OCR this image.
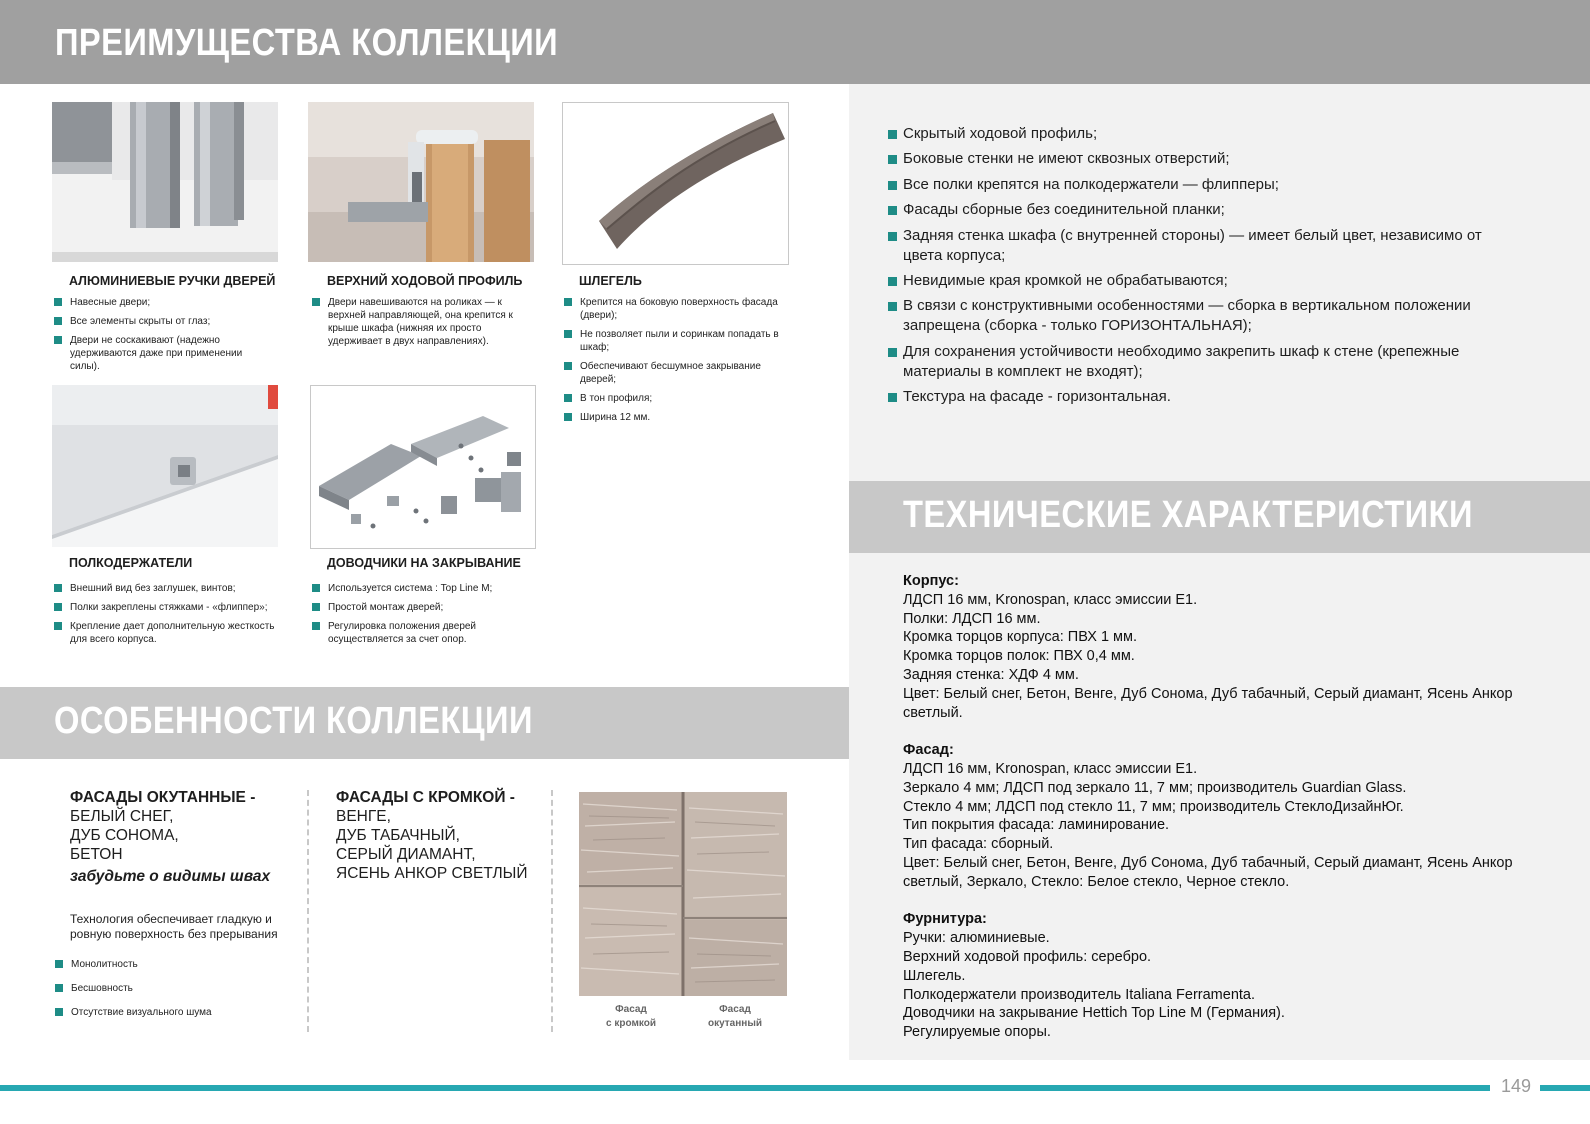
ПРЕИМУЩЕСТВА КОЛЛЕКЦИИ
АЛЮМИНИЕВЫЕ РУЧКИ ДВЕРЕЙ
Навесные двери;
Все элементы скрыты от глаз;
Двери не соскакивают (надежно удерживаются даже при применении силы).
ВЕРХНИЙ ХОДОВОЙ ПРОФИЛЬ
Двери навешиваются на роликах — к верхней направляющей, она крепится к крыше шкафа (нижняя их просто удерживает в двух направлениях).
ШЛЕГЕЛЬ
Крепится на боковую поверхность фасада (двери);
Не позволяет пыли и соринкам попадать в шкаф;
Обеспечивают бесшумное закрывание дверей;
В тон профиля;
Ширина 12 мм.
ПОЛКОДЕРЖАТЕЛИ
Внешний вид без заглушек, винтов;
Полки закреплены стяжками - «флиппер»;
Крепление дает дополнительную жесткость для всего корпуса.
ДОВОДЧИКИ НА ЗАКРЫВАНИЕ
Используется система : Top Line M;
Простой монтаж дверей;
Регулировка положения дверей осуществляется за счет опор.
ОСОБЕННОСТИ КОЛЛЕКЦИИ
ФАСАДЫ ОКУТАННЫЕ -
БЕЛЫЙ СНЕГ,
ДУБ СОНОМА,
БЕТОН
забудьте о видимы швах
Технология обеспечивает гладкую и ровную поверхность без прерывания
Монолитность
Бесшовность
Отсутствие визуального шума
ФАСАДЫ С КРОМКОЙ -
ВЕНГЕ,
ДУБ ТАБАЧНЫЙ,
СЕРЫЙ ДИАМАНТ,
ЯСЕНЬ АНКОР СВЕТЛЫЙ
Фасад
с кромкой
Фасад
окутанный
Скрытый ходовой профиль;
Боковые стенки не имеют сквозных отверстий;
Все полки крепятся на полкодержатели — флипперы;
Фасады сборные без соединительной планки;
Задняя стенка шкафа (с внутренней стороны) — имеет белый цвет, независимо от цвета корпуса;
Невидимые края кромкой не обрабатываются;
В связи с конструктивными особенностями — сборка в вертикальном положении запрещена (сборка - только ГОРИЗОНТАЛЬНАЯ);
Для сохранения устойчивости необходимо закрепить шкаф к стене (крепежные материалы в комплект не входят);
Текстура на фасаде - горизонтальная.
ТЕХНИЧЕСКИЕ ХАРАКТЕРИСТИКИ
Корпус:
ЛДСП 16 мм, Kronospan, класс эмиссии Е1.
Полки: ЛДСП 16 мм.
Кромка торцов корпуса: ПВХ 1 мм.
Кромка торцов полок: ПВХ 0,4 мм.
Задняя стенка: ХДФ 4 мм.
Цвет: Белый снег, Бетон, Венге, Дуб Сонома, Дуб табачный, Серый диамант, Ясень Анкор светлый.
Фасад:
ЛДСП 16 мм, Kronospan, класс эмиссии Е1.
Зеркало 4 мм; ЛДСП под зеркало 11, 7 мм; производитель Guardian Glass.
Стекло 4 мм; ЛДСП под стекло 11, 7 мм; производитель СтеклоДизайнЮг.
Тип покрытия фасада: ламинирование.
Тип фасада: сборный.
Цвет: Белый снег, Бетон, Венге, Дуб Сонома, Дуб табачный, Серый диамант, Ясень Анкор светлый, Зеркало, Стекло: Белое стекло, Черное стекло.
Фурнитура:
Ручки: алюминиевые.
Верхний ходовой профиль: серебро.
Шлегель.
Полкодержатели производитель Italiana Ferramenta.
Доводчики на закрывание Hettich Top Line M (Германия).
Регулируемые опоры.
149
